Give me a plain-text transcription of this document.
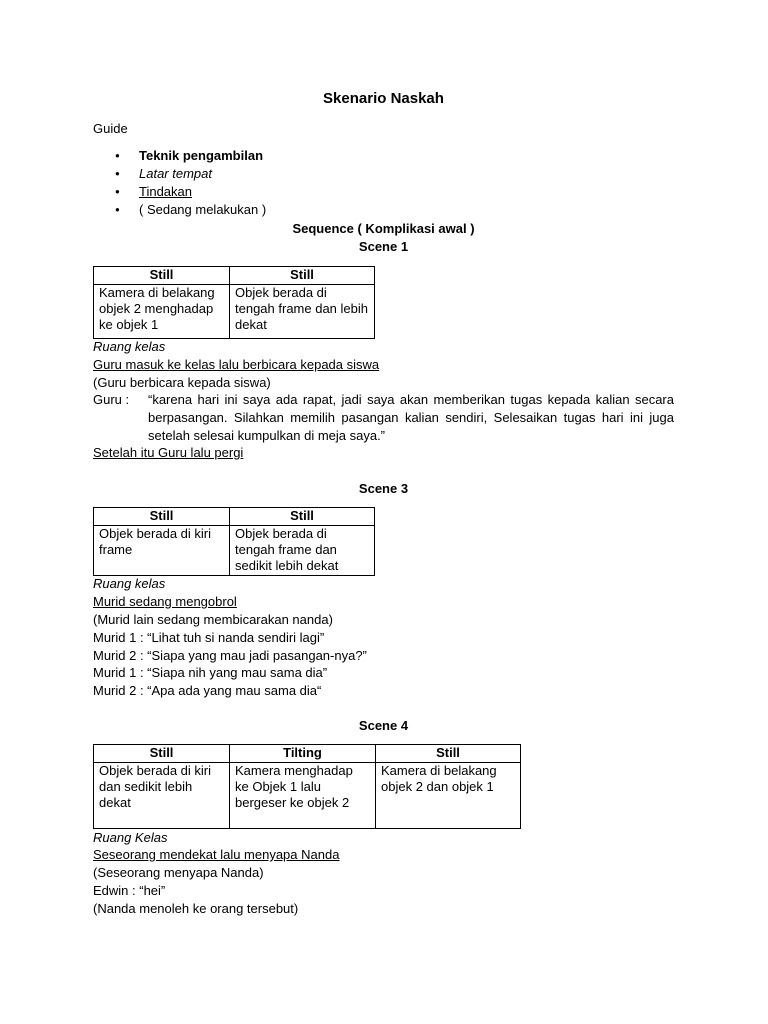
Skenario Naskah
Guide
● Teknik pengambilan
● Latar tempat
● Tindakan
● ( Sedang melakukan )
Sequence ( Komplikasi awal )
Scene 1
Still	Still
Kamera di belakang objek 2 menghadap ke objek 1	Objek berada di tengah frame dan lebih dekat
Ruang kelas
Guru masuk ke kelas lalu berbicara kepada siswa
(Guru berbicara kepada siswa)
Guru : “karena hari ini saya ada rapat, jadi saya akan memberikan tugas kepada kalian secara berpasangan. Silahkan memilih pasangan kalian sendiri, Selesaikan tugas hari ini juga setelah selesai kumpulkan di meja saya.”
Setelah itu Guru lalu pergi
Scene 3
Still	Still
Objek berada di kiri frame	Objek berada di tengah frame dan sedikit lebih dekat
Ruang kelas
Murid sedang mengobrol
(Murid lain sedang membicarakan nanda)
Murid 1 : “Lihat tuh si nanda sendiri lagi”
Murid 2 : “Siapa yang mau jadi pasangan-nya?”
Murid 1 : “Siapa nih yang mau sama dia”
Murid 2 : “Apa ada yang mau sama dia“
Scene 4
Still	Tilting	Still
Objek berada di kiri dan sedikit lebih dekat	Kamera menghadap ke Objek 1 lalu bergeser ke objek 2	Kamera di belakang objek 2 dan objek 1
Ruang Kelas
Seseorang mendekat lalu menyapa Nanda
(Seseorang menyapa Nanda)
Edwin : “hei”
(Nanda menoleh ke orang tersebut)
